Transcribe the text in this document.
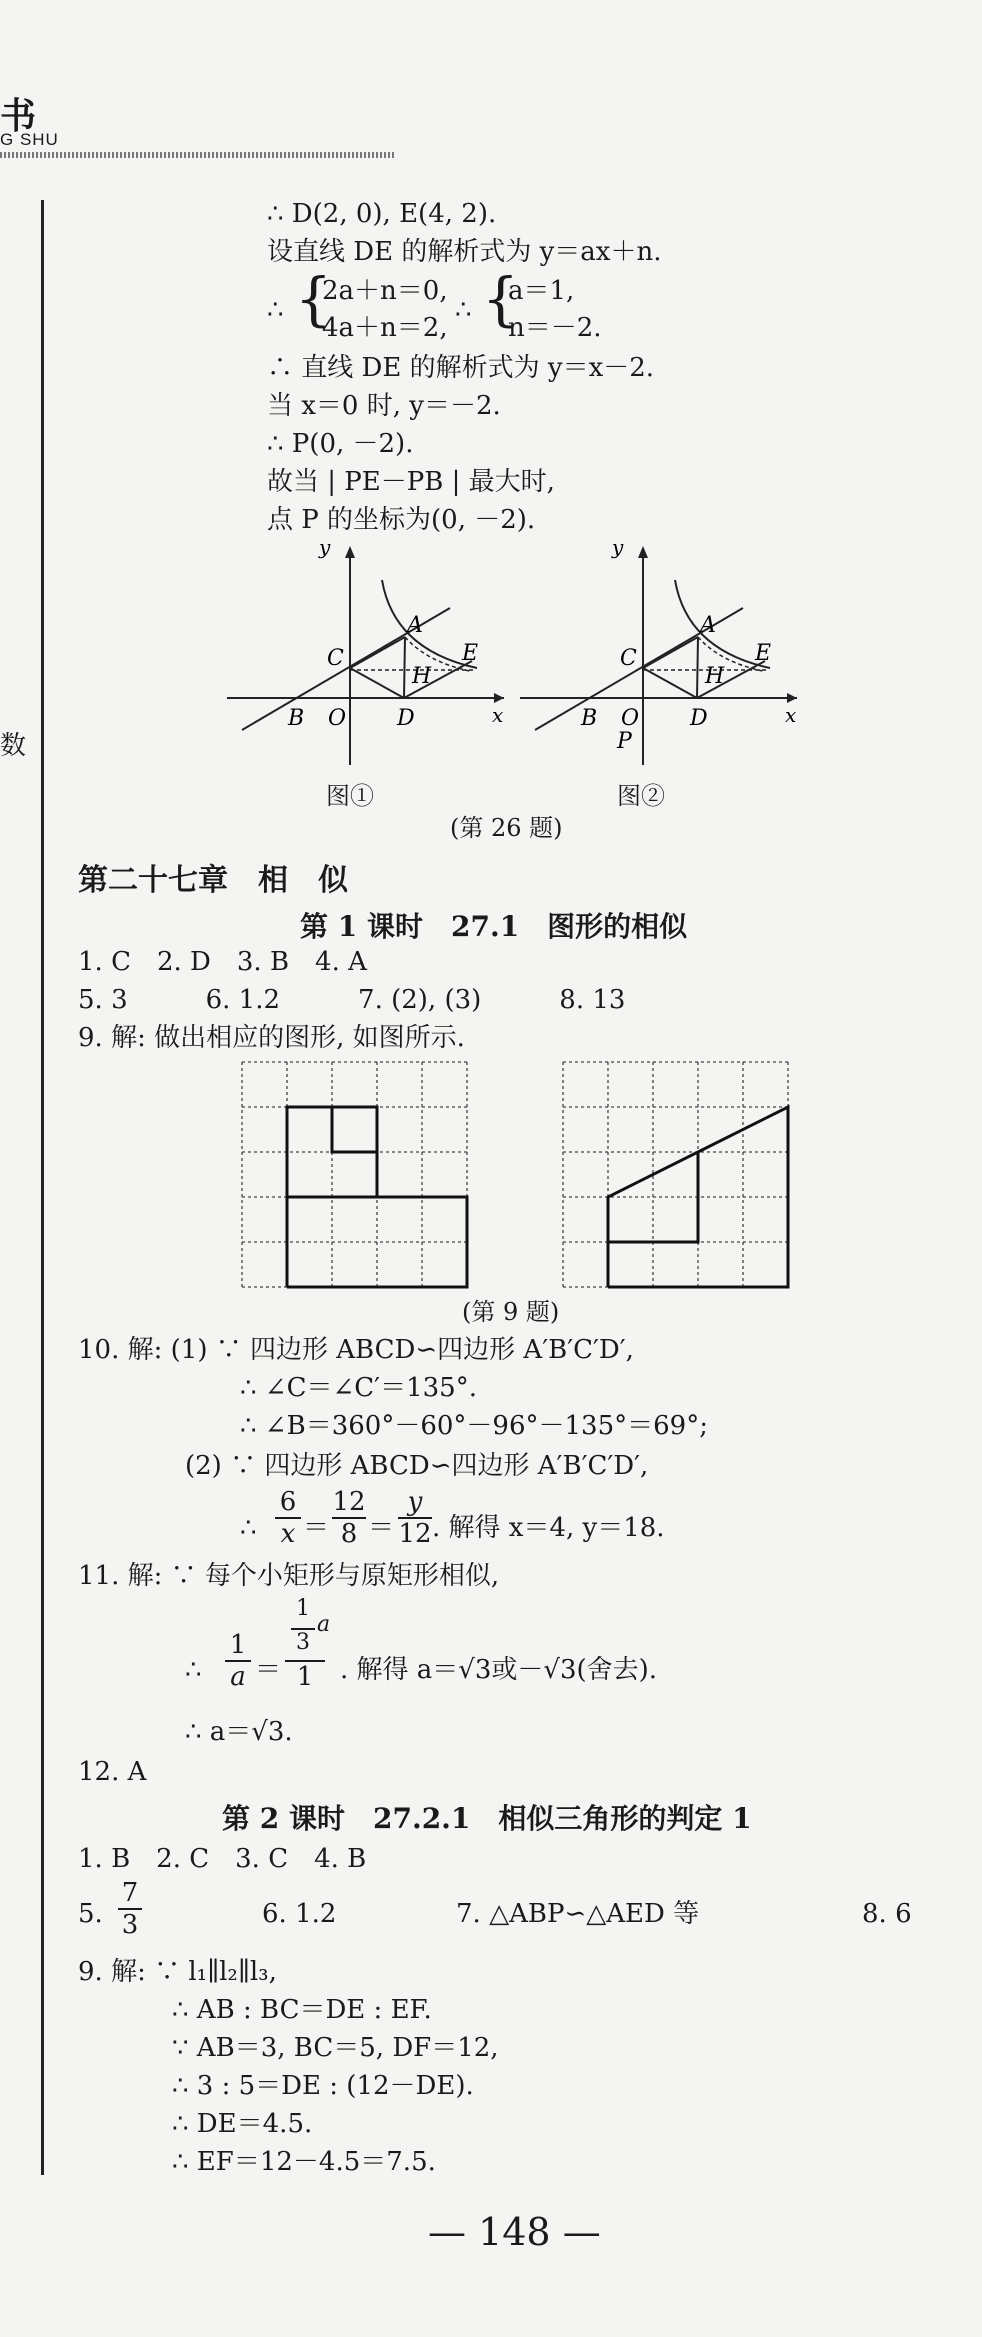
书
G SHU
数
∴ D(2, 0), E(4, 2).
设直线 DE 的解析式为 y＝ax＋n.
∴ {
2a＋n＝0,
4a＋n＝2,
∴ {
a＝1,
n＝－2.
∴ 直线 DE 的解析式为 y＝x－2.
当 x＝0 时, y＝－2.
∴ P(0, －2).
故当 | PE－PB | 最大时,
点 P 的坐标为(0, －2).
y
x
A
B
C
D
E
H
O
y
x
A
B
C
D
E
H
O
P
图①	图②
(第 26 题)
第二十七章　相　似
第 1 课时　27.1　图形的相似
1. C　2. D　3. B　4. A
5. 3　　　6. 1.2　　　7. (2), (3)　　　8. 13
9. 解: 做出相应的图形, 如图所示.
(第 9 题)
10. 解: (1) ∵ 四边形 ABCD∽四边形 A′B′C′D′,
∴ ∠C＝∠C′＝135°.
∴ ∠B＝360°－60°－96°－135°＝69°;
(2) ∵ 四边形 ABCD∽四边形 A′B′C′D′,
∴ $\frac{6}{x} = \frac{12}{8} = \frac{y}{12}$ . 解得 x＝4, y＝18.
11. 解: ∵ 每个小矩形与原矩形相似,
∴ $\frac{1}{a}$ ＝
1
3
a
1	. 解得 a＝√3或－√3(舍去).
∴ a＝√3.
12. A
第 2 课时　27.2.1　相似三角形的判定 1
1. B　2. C　3. C　4. B
5. $\frac{7}{3}$	6. 1.2	7. △ABP∽△AED 等	8. 6
9. 解: ∵ l₁∥l₂∥l₃,
∴ AB : BC＝DE : EF.
∵ AB＝3, BC＝5, DF＝12,
∴ 3 : 5＝DE : (12－DE).
∴ DE＝4.5.
∴ EF＝12－4.5＝7.5.
— 148 —
